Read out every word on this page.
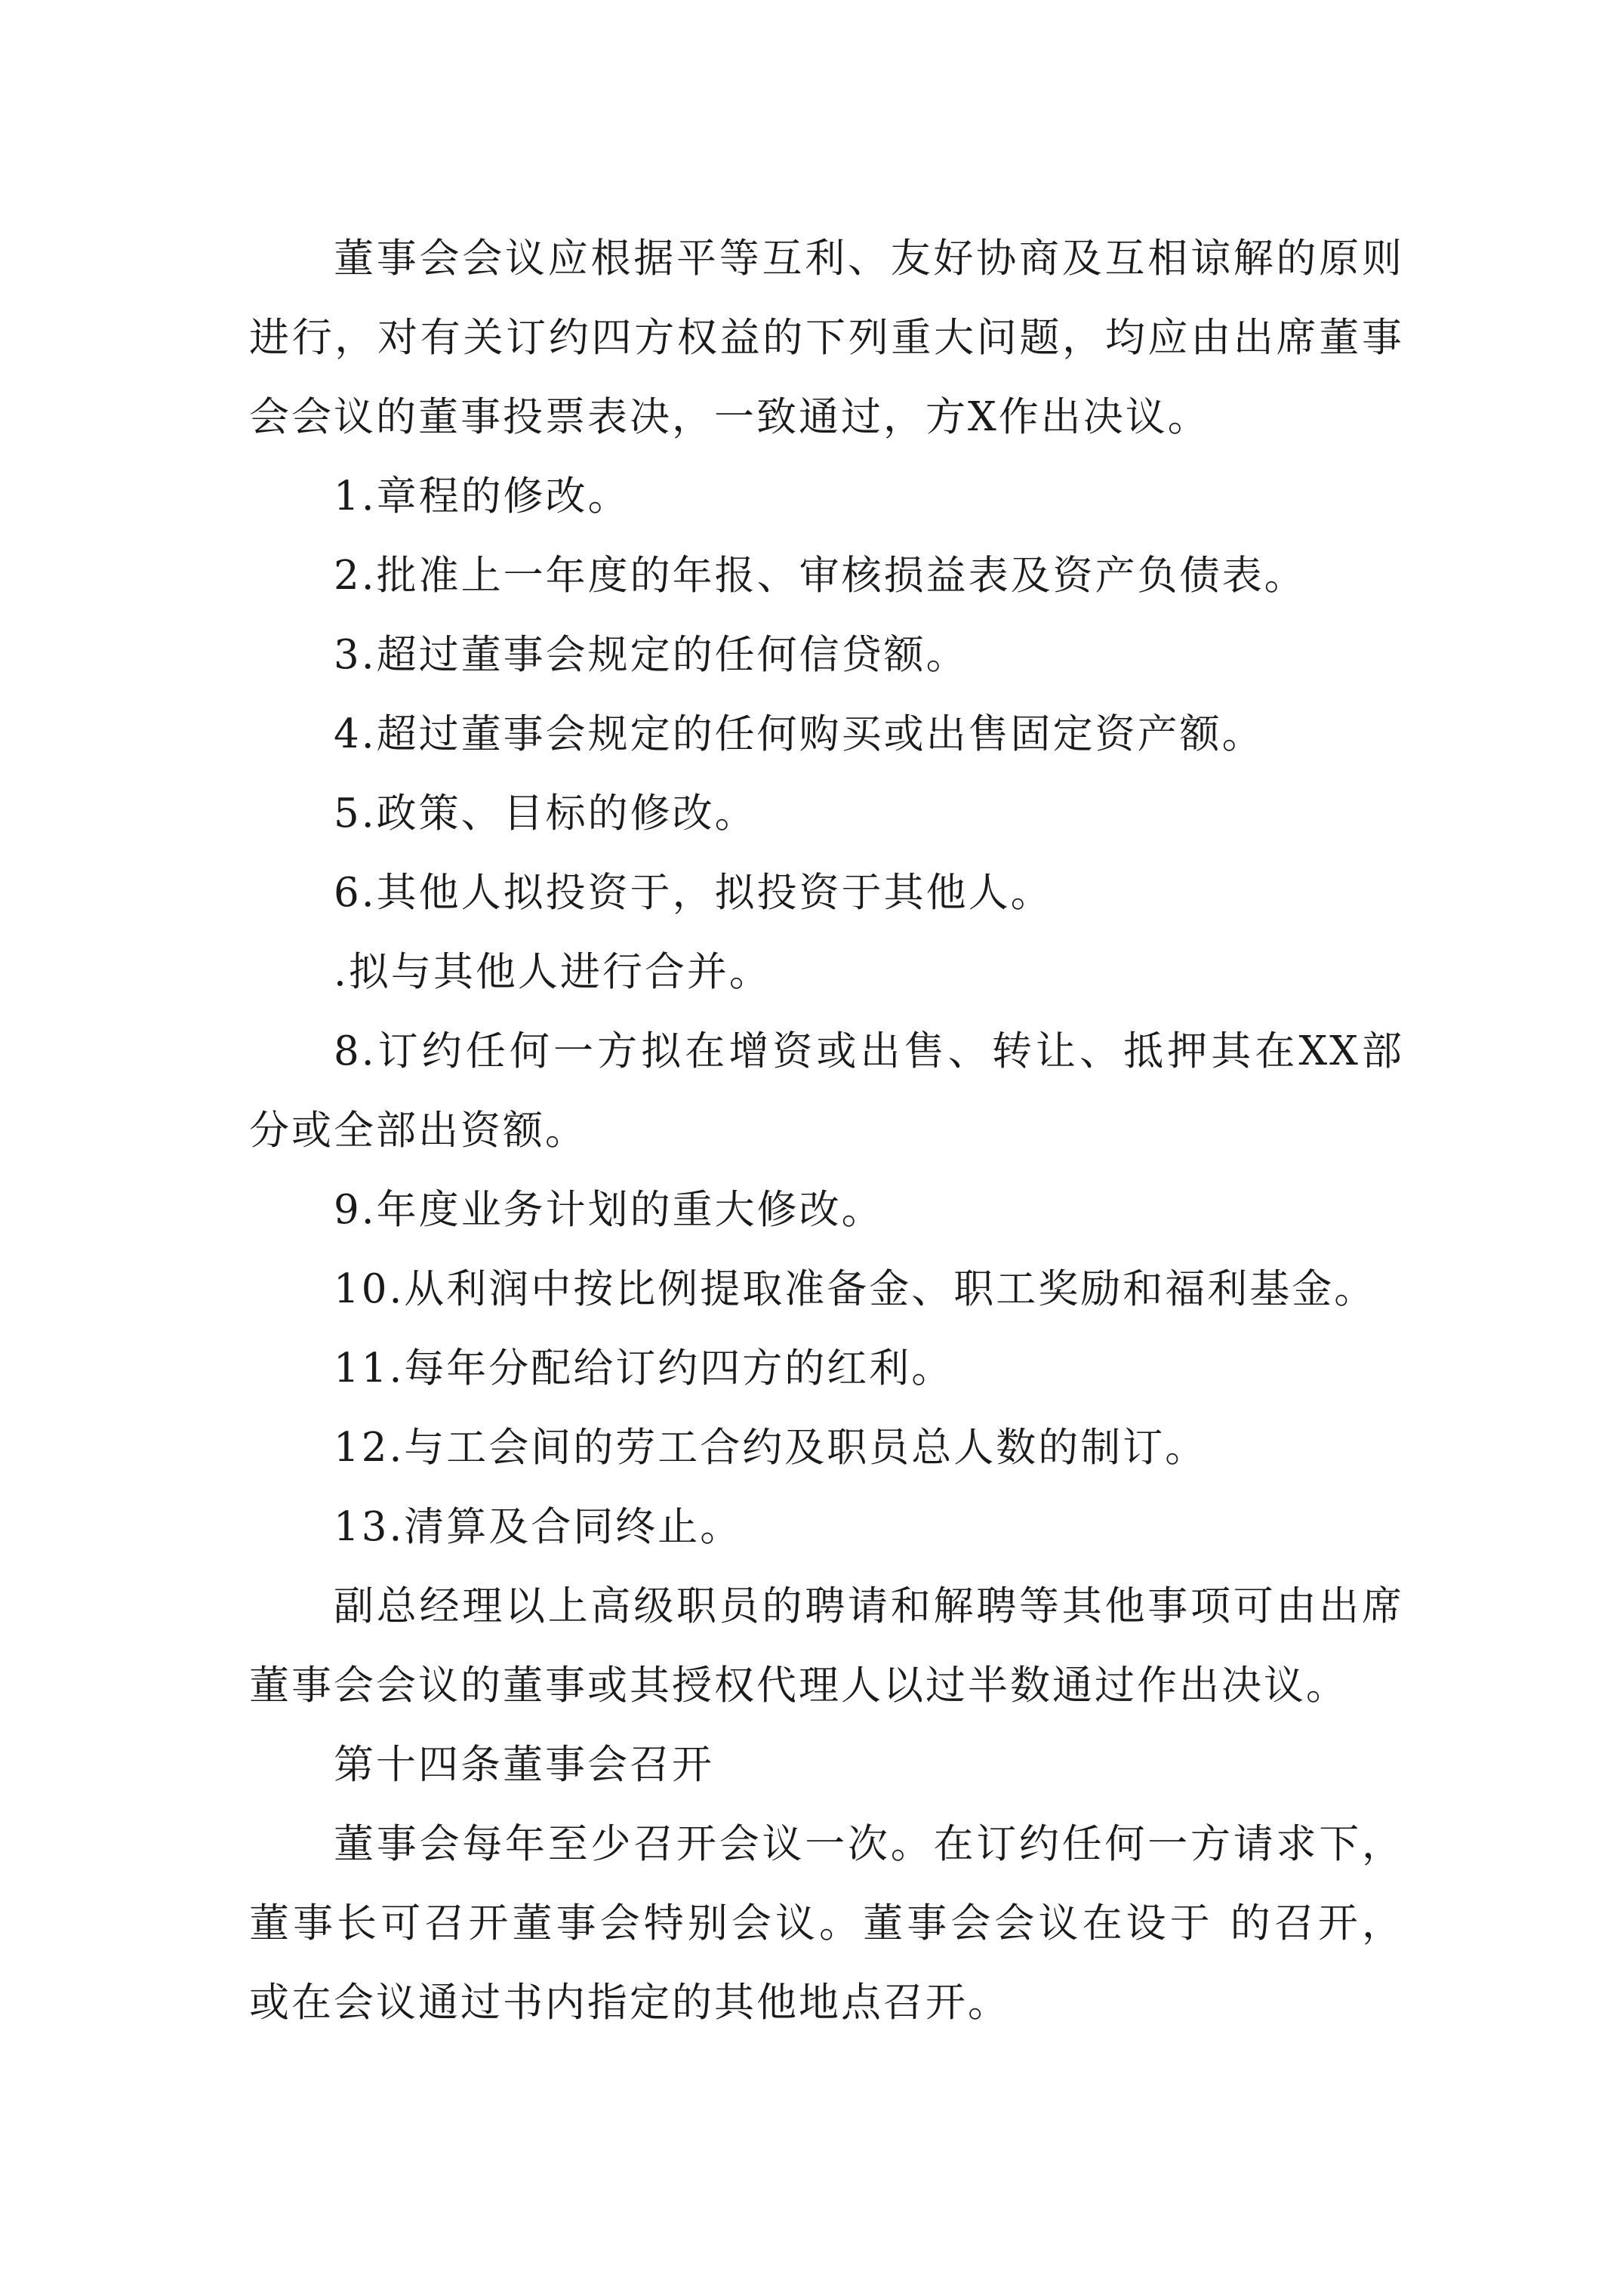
董事会会议应根据平等互利、友好协商及互相谅解的原则进行，对有关订约四方权益的下列重大问题，均应由出席董事会会议的董事投票表决，一致通过，方X作出决议。

1.章程的修改。

2.批准上一年度的年报、审核损益表及资产负债表。

3.超过董事会规定的任何信贷额。

4.超过董事会规定的任何购买或出售固定资产额。

5.政策、目标的修改。

6.其他人拟投资于，拟投资于其他人。

.拟与其他人进行合并。

8.订约任何一方拟在增资或出售、转让、抵押其在XX部分或全部出资额。

9.年度业务计划的重大修改。

10.从利润中按比例提取准备金、职工奖励和福利基金。

11.每年分配给订约四方的红利。

12.与工会间的劳工合约及职员总人数的制订。

13.清算及合同终止。

副总经理以上高级职员的聘请和解聘等其他事项可由出席董事会会议的董事或其授权代理人以过半数通过作出决议。

第十四条董事会召开

董事会每年至少召开会议一次。在订约任何一方请求下，董事长可召开董事会特别会议。董事会会议在设于 的召开，或在会议通过书内指定的其他地点召开。
